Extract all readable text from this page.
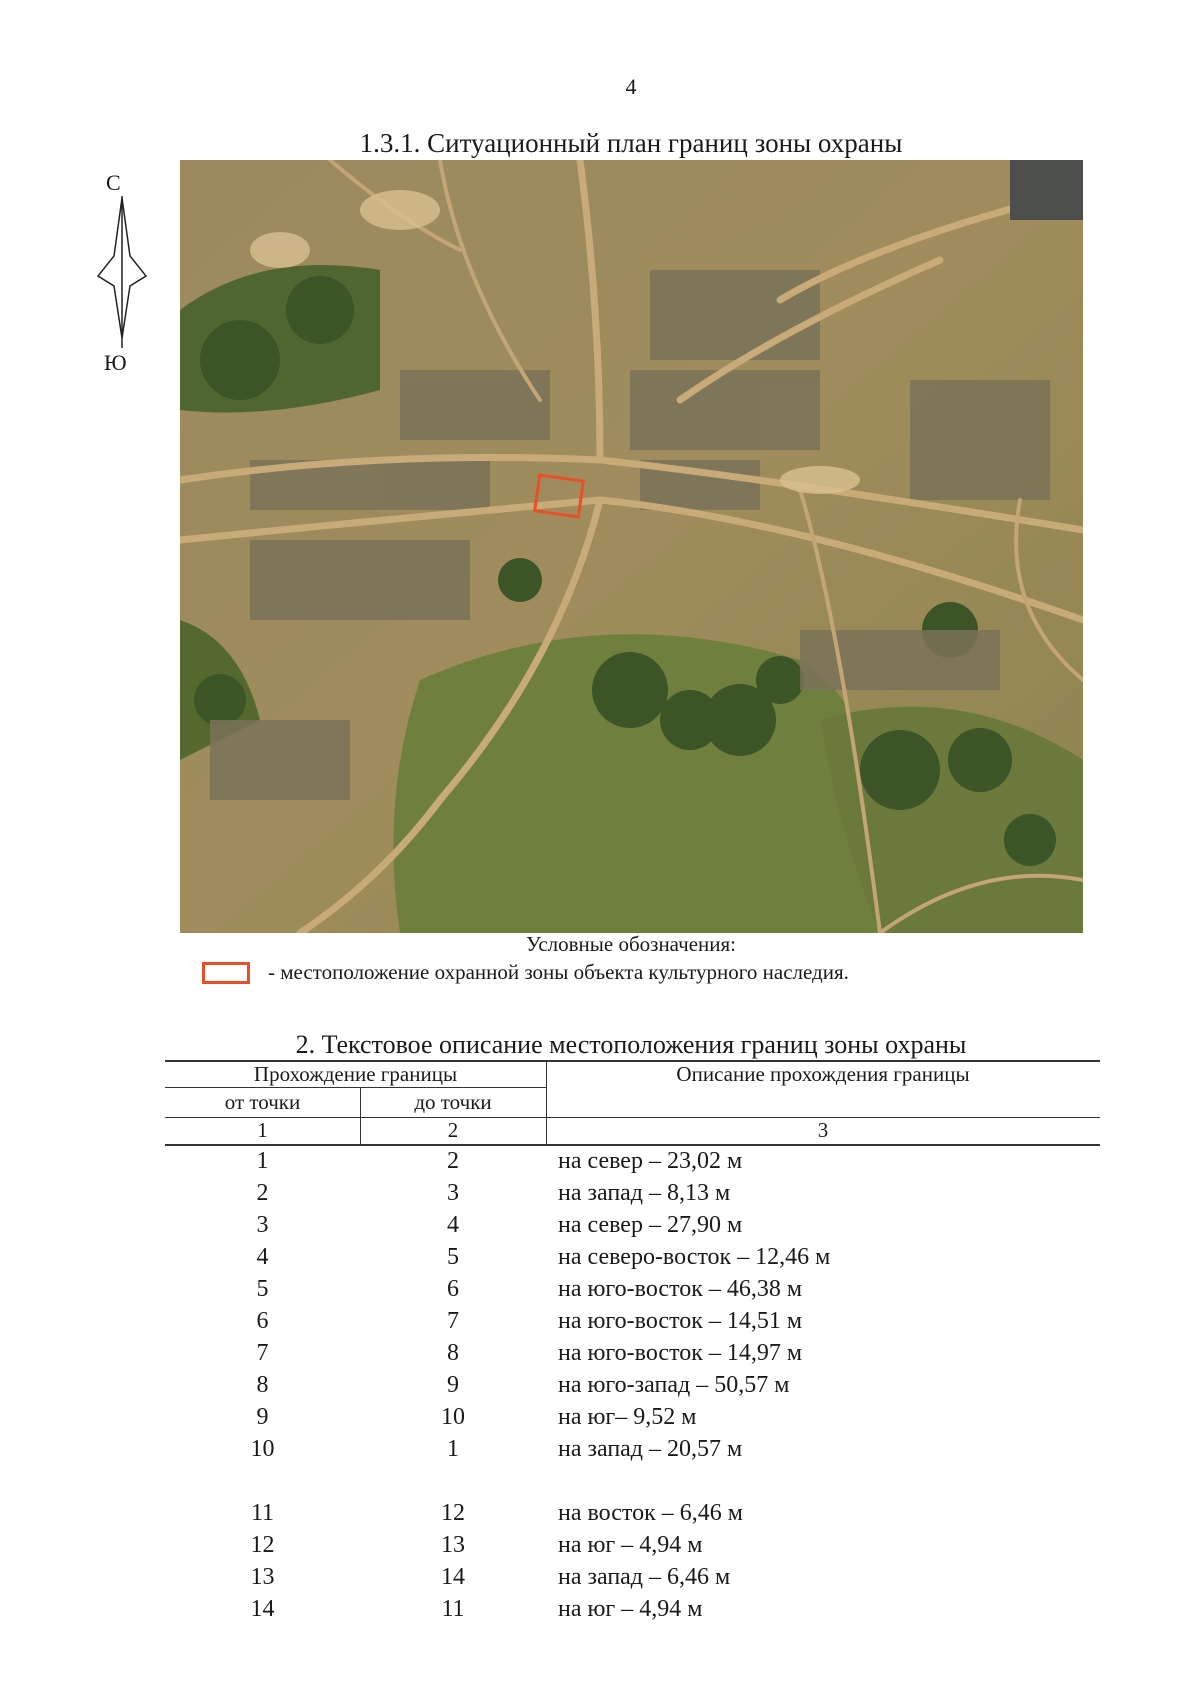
4
1.3.1. Ситуационный план границ зоны охраны
С
Ю
Условные обозначения:
- местоположение охранной зоны объекта культурного наследия.
2. Текстовое описание местоположения границ зоны охраны
Прохождение границы	Описание прохождения границы
от точки	до точки
1	2	3
1	2	на север – 23,02 м
2	3	на запад – 8,13 м
3	4	на север – 27,90 м
4	5	на северо-восток – 12,46 м
5	6	на юго-восток – 46,38 м
6	7	на юго-восток – 14,51 м
7	8	на юго-восток – 14,97 м
8	9	на юго-запад – 50,57 м
9	10	на юг– 9,52 м
10	1	на запад – 20,57 м
11	12	на восток – 6,46 м
12	13	на юг – 4,94 м
13	14	на запад – 6,46 м
14	11	на юг – 4,94 м
